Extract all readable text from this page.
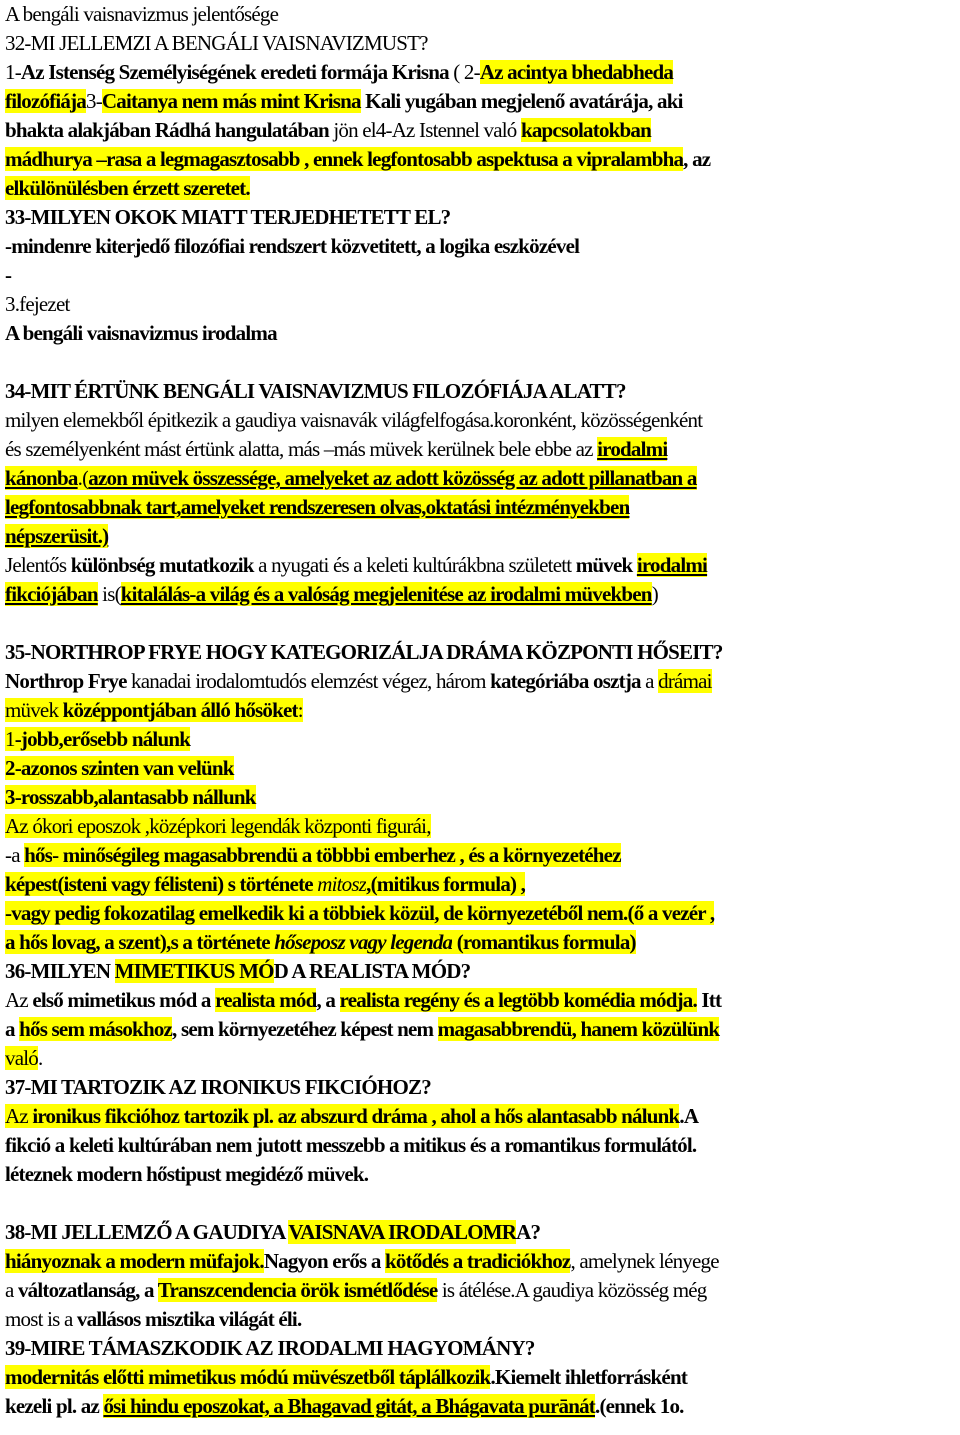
A bengáli vaisnavizmus jelentősége
32-MI JELLEMZI A BENGÁLI VAISNAVIZMUST?
1-Az Istenség Személyiségének eredeti formája Krisna ( 2-Az acintya bhedabheda
filozófiája3-Caitanya nem más mint Krisna Kali yugában megjelenő avatárája, aki
bhakta alakjában Rádhá hangulatában jön el4-Az Istennel való kapcsolatokban
mádhurya –rasa a legmagasztosabb , ennek legfontosabb aspektusa a vipralambha, az
elkülönülésben érzett szeretet.
33-MILYEN OKOK MIATT TERJEDHETETT EL?
-mindenre kiterjedő filozófiai rendszert közvetitett, a logika eszközével
-
3.fejezet
A bengáli vaisnavizmus irodalma
34-MIT ÉRTÜNK BENGÁLI VAISNAVIZMUS FILOZÓFIÁJA ALATT?
milyen elemekből épitkezik a gaudiya vaisnavák világfelfogása.koronként, közösségenként
és személyenként mást értünk alatta, más –más müvek kerülnek bele ebbe az irodalmi
kánonba.(azon müvek összessége, amelyeket az adott közösség az adott pillanatban a
legfontosabbnak tart,amelyeket rendszeresen olvas,oktatási intézményekben
népszerüsit.)
Jelentős különbség mutatkozik a nyugati és a keleti kultúrákbna született müvek irodalmi
fikciójában is(kitalálás-a világ és a valóság megjelenitése az irodalmi müvekben)
35-NORTHROP FRYE HOGY KATEGORIZÁLJA DRÁMA KÖZPONTI HŐSEIT?
Northrop Frye kanadai irodalomtudós elemzést végez, három kategóriába osztja a drámai
müvek középpontjában álló hősöket:
1-jobb,erősebb nálunk
2-azonos szinten van velünk
3-rosszabb,alantasabb nállunk
Az ókori eposzok ,középkori legendák központi figurái,
-a hős- minőségileg magasabbrendü a többbi emberhez , és a környezetéhez
képest(isteni vagy félisteni) s története mitosz,(mitikus formula) ,
-vagy pedig fokozatilag emelkedik ki a többiek közül, de környezetéből nem.(ő a vezér ,
a hős lovag, a szent),s a története hőseposz vagy legenda (romantikus formula)
36-MILYEN MIMETIKUS MÓD A REALISTA MÓD?
Az első mimetikus mód a realista mód, a realista regény és a legtöbb komédia módja. Itt
a hős sem másokhoz, sem környezetéhez képest nem magasabbrendü, hanem közülünk
való.
37-MI TARTOZIK AZ IRONIKUS FIKCIÓHOZ?
Az ironikus fikcióhoz tartozik pl. az abszurd dráma , ahol a hős alantasabb nálunk.A
fikció a keleti kultúrában nem jutott messzebb a mitikus és a romantikus formulától.
léteznek modern hőstipust megidéző müvek.
38-MI JELLEMZŐ A GAUDIYA VAISNAVA IRODALOMRA?
hiányoznak a modern müfajok.Nagyon erős a kötődés a tradiciókhoz, amelynek lényege
a változatlanság, a Transzcendencia örök ismétlődése is átélése.A gaudiya közösség még
most is a vallásos misztika világát éli.
39-MIRE TÁMASZKODIK AZ IRODALMI HAGYOMÁNY?
modernitás előtti mimetikus módú müvészetből táplálkozik.Kiemelt ihletforrásként
kezeli pl. az ősi hindu eposzokat, a Bhagavad gitát, a Bhágavata purānát.(ennek 1o.
